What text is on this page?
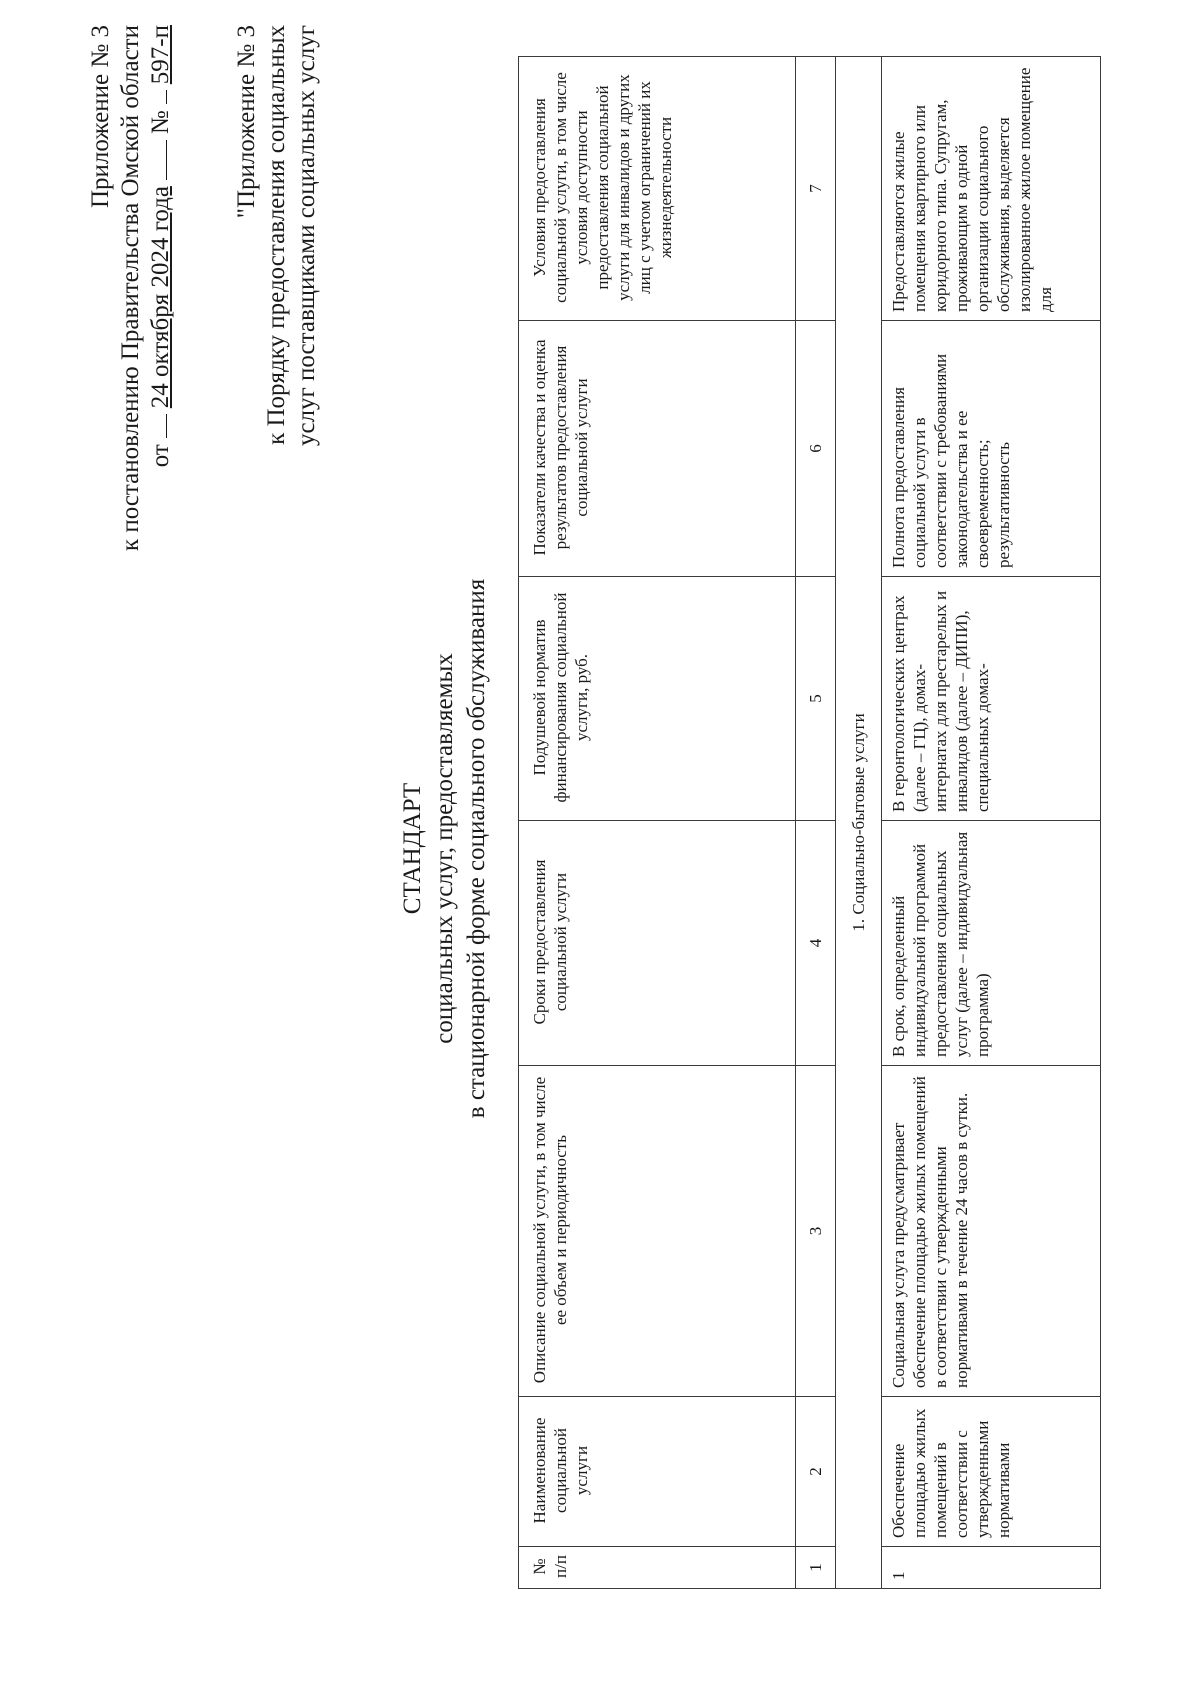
Приложение № 3 к постановлению Правительства Омской области от
24 октября 2024 года
№
597-п "Приложение № 3 к Порядку предоставления социальных услуг поставщиками социальных услуг
СТАНДАРТ социальных услуг, предоставляемых в стационарной форме социального обслуживания
№ п/п	Наименование социальной услуги	Описание социальной услуги, в том числе ее объем и периодичность	Сроки предоставления социальной услуги	Подушевой норматив финансирования социальной услуги, руб.	Показатели качества и оценка результатов предоставления социальной услуги	Условия предоставления социальной услуги, в том числе условия доступности предоставления социальной услуги для инвалидов и других лиц с учетом ограничений их жизнедеятельности
1	2	3	4	5	6	7
1. Социально-бытовые услуги						
1	Обеспечение площадью жилых помещений в соответствии с утвержденными нормативами	Социальная услуга предусматривает обеспечение площадью жилых помещений в соответствии с утвержденными нормативами в течение 24 часов в сутки.	В срок, определенный индивидуальной программой предоставления социальных услуг (далее – индивидуальная программа)	В геронтологических центрах (далее – ГЦ), домах-интернатах для престарелых и инвалидов (далее – ДИПИ), специальных домах-	Полнота предоставления социальной услуги в соответствии с требованиями законодательства и ее своевременность; результативность	Предоставляются жилые помещения квартирного или коридорного типа. Супругам, проживающим в одной организации социального обслуживания, выделяется изолированное жилое помещение для
